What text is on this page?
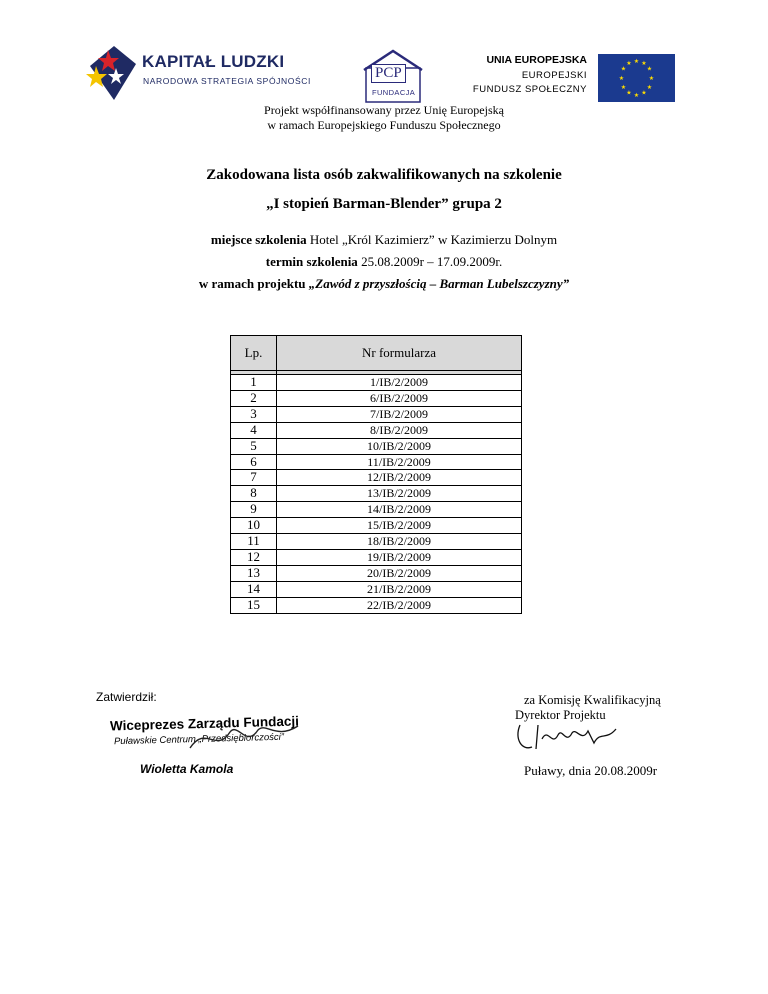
KAPITAŁ LUDZKI
NARODOWA STRATEGIA SPÓJNOŚCI	PCP
FUNDACJA
UNIA EUROPEJSKA
EUROPEJSKI
FUNDUSZ SPOŁECZNY
★ ★
★
★
★
★
★
★
★
★
★
★
Projekt współfinansowany przez Unię Europejską
w ramach Europejskiego Funduszu Społecznego
Zakodowana lista osób zakwalifikowanych na szkolenie
„I stopień Barman-Blender” grupa 2
miejsce szkolenia Hotel „Król Kazimierz” w Kazimierzu Dolnym
termin szkolenia 25.08.2009r – 17.09.2009r.
w ramach projektu „Zawód z przyszłością – Barman Lubelszczyzny”
Lp.	Nr formularza

1	1/IB/2/2009
2	6/IB/2/2009
3	7/IB/2/2009
4	8/IB/2/2009
5	10/IB/2/2009
6	11/IB/2/2009
7	12/IB/2/2009
8	13/IB/2/2009
9	14/IB/2/2009
10	15/IB/2/2009
11	18/IB/2/2009
12	19/IB/2/2009
13	20/IB/2/2009
14	21/IB/2/2009
15	22/IB/2/2009
Zatwierdził:
Wiceprezes Zarządu Fundacji
Puławskie Centrum „Przedsiębiorczości”
Wioletta Kamola
za Komisję Kwalifikacyjną
Dyrektor Projektu
Puławy, dnia 20.08.2009r
